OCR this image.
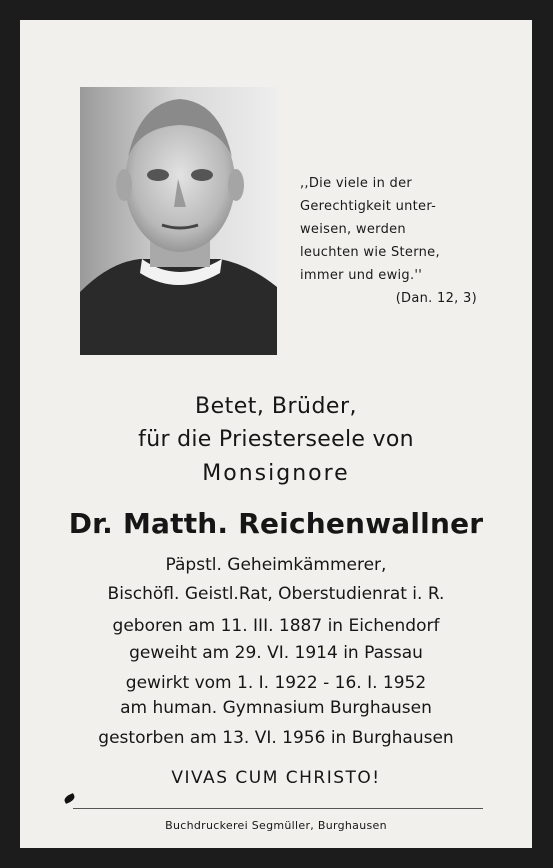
,,Die viele in der
Gerechtigkeit unter-
weisen, werden
leuchten wie Sterne,
immer und ewig.''
(Dan. 12, 3)
Betet, Brüder,
für die Priesterseele von
Monsignore
Dr. Matth. Reichenwallner
Päpstl. Geheimkämmerer,
Bischöfl. Geistl.Rat, Oberstudienrat i. R.
geboren am 11. III. 1887 in Eichendorf
geweiht am 29. VI. 1914 in Passau
gewirkt vom 1. I. 1922 - 16. I. 1952
am human. Gymnasium Burghausen
gestorben am 13. VI. 1956 in Burghausen
VIVAS CUM CHRISTO!
Buchdruckerei Segmüller, Burghausen
